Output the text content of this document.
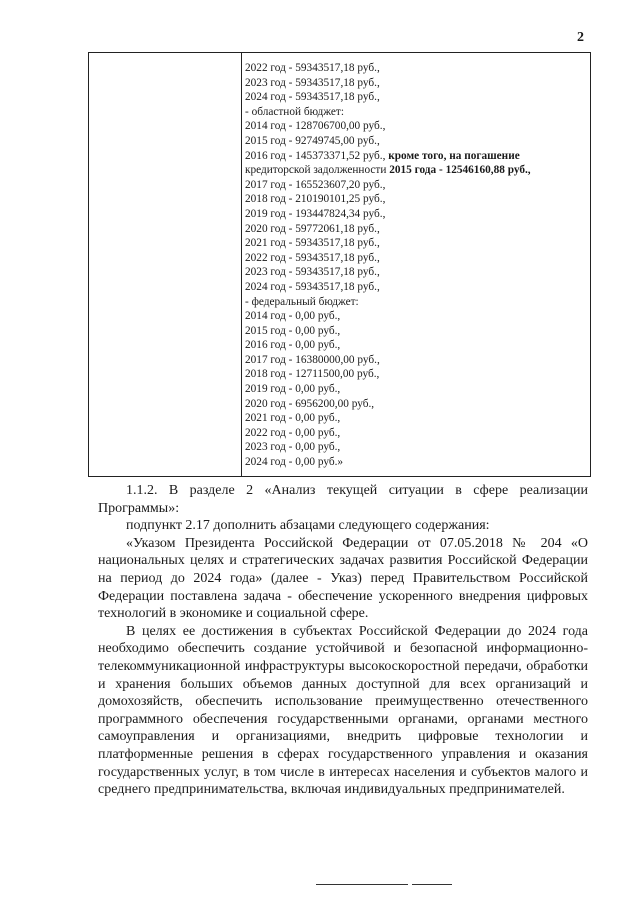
2
2022 год - 59343517,18 руб.,
2023 год - 59343517,18 руб.,
2024 год - 59343517,18 руб.,
- областной бюджет:
2014 год - 128706700,00 руб.,
2015 год - 92749745,00 руб.,
2016 год - 145373371,52 руб., кроме того, на погашение
кредиторской задолженности 2015 года - 12546160,88 руб.,
2017 год - 165523607,20 руб.,
2018 год - 210190101,25 руб.,
2019 год - 193447824,34 руб.,
2020 год - 59772061,18 руб.,
2021 год - 59343517,18 руб.,
2022 год - 59343517,18 руб.,
2023 год - 59343517,18 руб.,
2024 год - 59343517,18 руб.,
- федеральный бюджет:
2014 год - 0,00 руб.,
2015 год - 0,00 руб.,
2016 год - 0,00 руб.,
2017 год - 16380000,00 руб.,
2018 год - 12711500,00 руб.,
2019 год - 0,00 руб.,
2020 год - 6956200,00 руб.,
2021 год - 0,00 руб.,
2022 год - 0,00 руб.,
2023 год - 0,00 руб.,
2024 год - 0,00 руб.»

1.1.2. В разделе 2 «Анализ текущей ситуации в сфере реализации Программы»:

подпункт 2.17 дополнить абзацами следующего содержания:

«Указом Президента Российской Федерации от 07.05.2018 № 204 «О национальных целях и стратегических задачах развития Российской Федерации на период до 2024 года» (далее - Указ) перед Правительством Российской Федерации поставлена задача - обеспечение ускоренного внедрения цифровых технологий в экономике и социальной сфере.

В целях ее достижения в субъектах Российской Федерации до 2024 года необходимо обеспечить создание устойчивой и безопасной информационно-телекоммуникационной инфраструктуры высокоскоростной передачи, обработки и хранения больших объемов данных доступной для всех организаций и домохозяйств, обеспечить использование преимущественно отечественного программного обеспечения государственными органами, органами местного самоуправления и организациями, внедрить цифровые технологии и платформенные решения в сферах государственного управления и оказания государственных услуг, в том числе в интересах населения и субъектов малого и среднего предпринимательства, включая индивидуальных предпринимателей.
